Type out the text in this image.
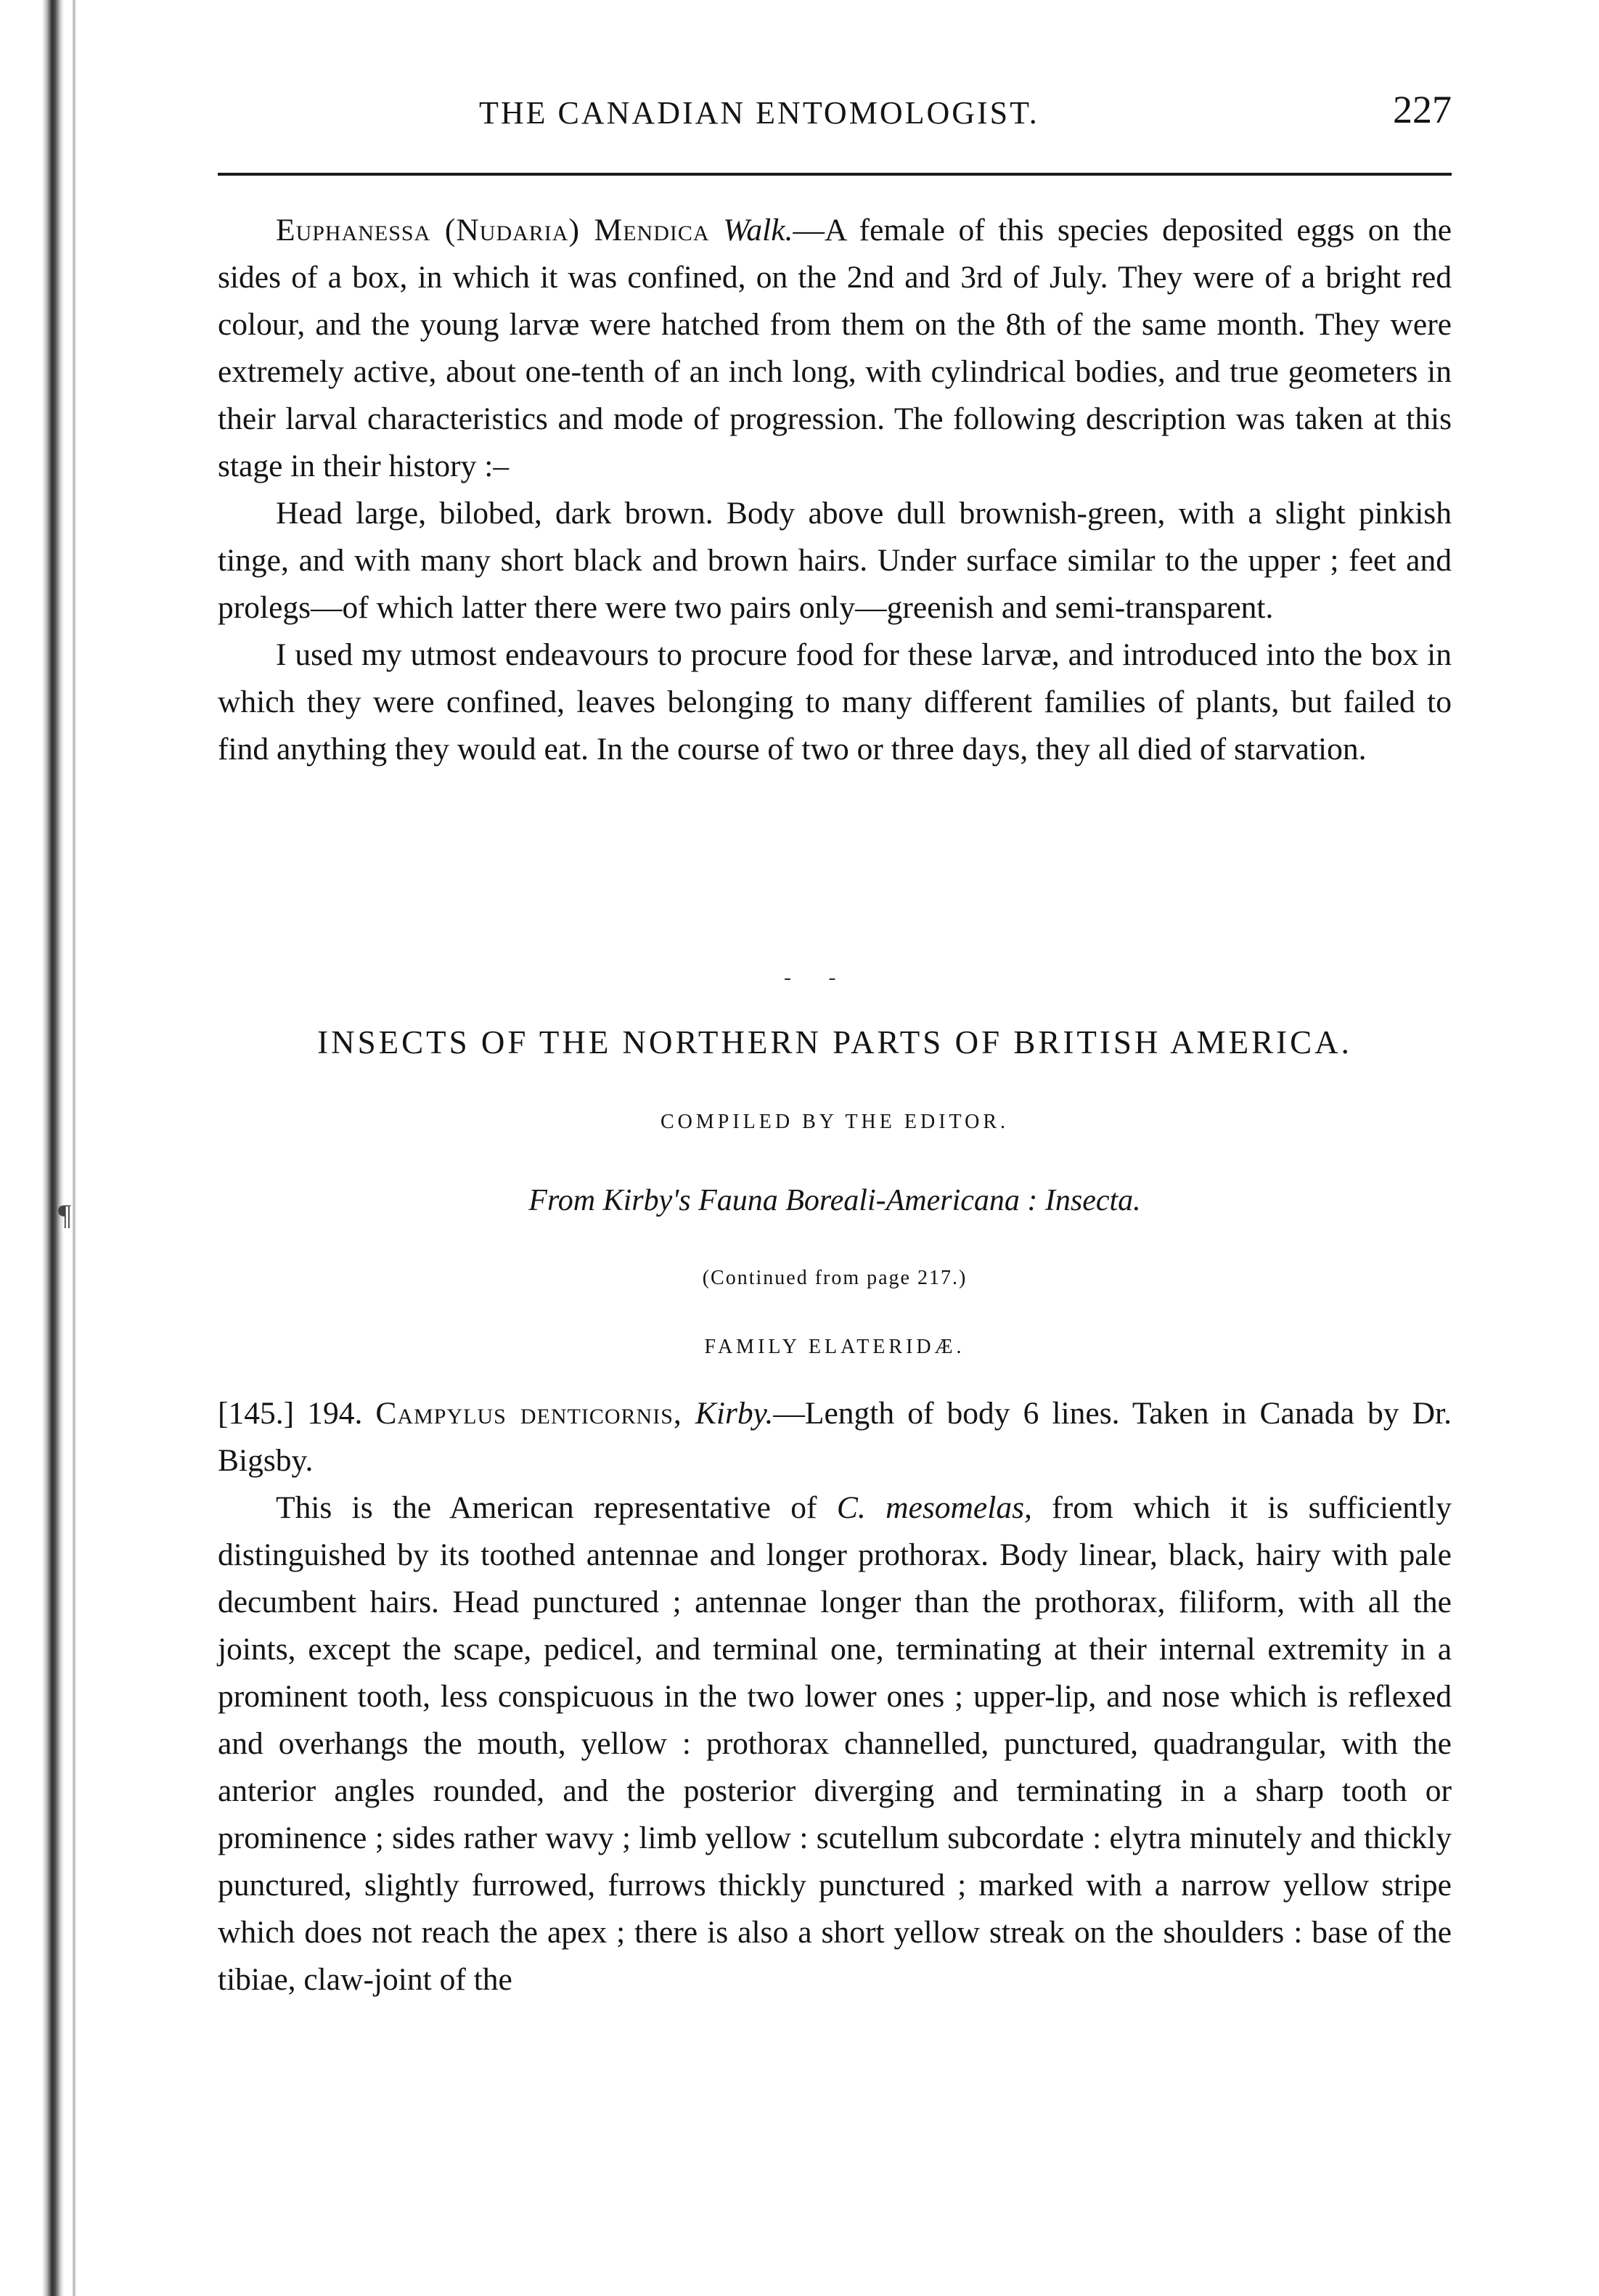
¶
THE CANADIAN ENTOMOLOGIST.	227

Euphanessa (Nudaria) Mendica Walk.—A female of this species deposited eggs on the sides of a box, in which it was confined, on the 2nd and 3rd of July. They were of a bright red colour, and the young larvæ were hatched from them on the 8th of the same month. They were extremely active, about one-tenth of an inch long, with cylindrical bodies, and true geometers in their larval characteristics and mode of progression. The following description was taken at this stage in their history :–

Head large, bilobed, dark brown. Body above dull brownish-green, with a slight pinkish tinge, and with many short black and brown hairs. Under surface similar to the upper ; feet and prolegs—of which latter there were two pairs only—greenish and semi-transparent.

I used my utmost endeavours to procure food for these larvæ, and introduced into the box in which they were confined, leaves belonging to many different families of plants, but failed to find anything they would eat. In the course of two or three days, they all died of starvation.

- -
INSECTS OF THE NORTHERN PARTS OF BRITISH AMERICA.
COMPILED BY THE EDITOR.
From Kirby's Fauna Boreali-Americana : Insecta.
(Continued from page 217.)
FAMILY ELATERIDÆ.

[145.] 194. Campylus denticornis, Kirby.—Length of body 6 lines. Taken in Canada by Dr. Bigsby.

This is the American representative of C. mesomelas, from which it is sufficiently distinguished by its toothed antennae and longer prothorax. Body linear, black, hairy with pale decumbent hairs. Head punctured ; antennae longer than the prothorax, filiform, with all the joints, except the scape, pedicel, and terminal one, terminating at their internal extremity in a prominent tooth, less conspicuous in the two lower ones ; upper-lip, and nose which is reflexed and overhangs the mouth, yellow : prothorax channelled, punctured, quadrangular, with the anterior angles rounded, and the posterior diverging and terminating in a sharp tooth or prominence ; sides rather wavy ; limb yellow : scutellum subcordate : elytra minutely and thickly punctured, slightly furrowed, furrows thickly punctured ; marked with a narrow yellow stripe which does not reach the apex ; there is also a short yellow streak on the shoulders : base of the tibiae, claw-joint of the
